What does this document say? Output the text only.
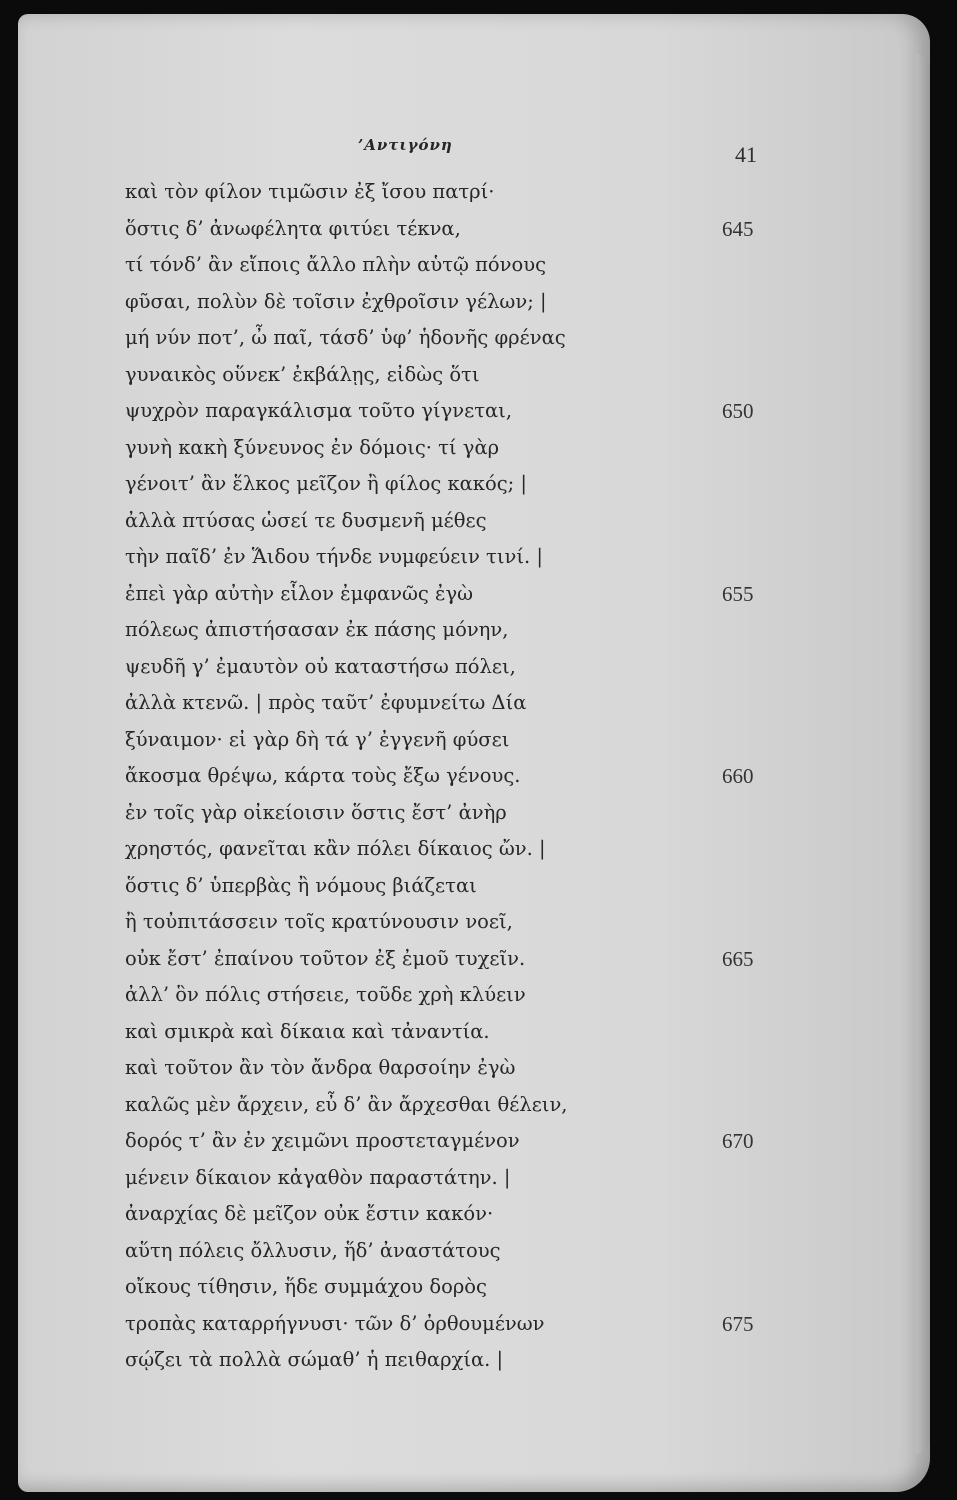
’Αντιγόνη	41
καὶ τὸν φίλον τιμῶσιν ἐξ ἴσου πατρί·
ὅστις δ’ ἀνωφέλητα φιτύει τέκνα,	645
τί τόνδ’ ἂν εἴποις ἄλλο πλὴν αὑτῷ πόνους
φῦσαι, πολὺν δὲ τοῖσιν ἐχθροῖσιν γέλων; |
μή νύν ποτ’, ὦ παῖ, τάσδ’ ὑφ’ ἡδονῆς φρένας
γυναικὸς οὕνεκ’ ἐκβάλῃς, εἰδὼς ὅτι
ψυχρὸν παραγκάλισμα τοῦτο γίγνεται,	650
γυνὴ κακὴ ξύνευνος ἐν δόμοις· τί γὰρ
γένοιτ’ ἂν ἕλκος μεῖζον ἢ φίλος κακός; |
ἀλλὰ πτύσας ὡσεί τε δυσμενῆ μέθες
τὴν παῖδ’ ἐν Ἅιδου τήνδε νυμφεύειν τινί. |
ἐπεὶ γὰρ αὐτὴν εἷλον ἐμφανῶς ἐγὼ	655
πόλεως ἀπιστήσασαν ἐκ πάσης μόνην,
ψευδῆ γ’ ἐμαυτὸν οὐ καταστήσω πόλει,
ἀλλὰ κτενῶ. | πρὸς ταῦτ’ ἐφυμνείτω Δία
ξύναιμον· εἰ γὰρ δὴ τά γ’ ἐγγενῆ φύσει
ἄκοσμα θρέψω, κάρτα τοὺς ἔξω γένους.	660
ἐν τοῖς γὰρ οἰκείοισιν ὅστις ἔστ’ ἀνὴρ
χρηστός, φανεῖται κἂν πόλει δίκαιος ὤν. |
ὅστις δ’ ὑπερβὰς ἢ νόμους βιάζεται
ἢ τοὐπιτάσσειν τοῖς κρατύνουσιν νοεῖ,
οὐκ ἔστ’ ἐπαίνου τοῦτον ἐξ ἐμοῦ τυχεῖν.	665
ἀλλ’ ὃν πόλις στήσειε, τοῦδε χρὴ κλύειν
καὶ σμικρὰ καὶ δίκαια καὶ τἀναντία.
καὶ τοῦτον ἂν τὸν ἄνδρα θαρσοίην ἐγὼ
καλῶς μὲν ἄρχειν, εὖ δ’ ἂν ἄρχεσθαι θέλειν,
δορός τ’ ἂν ἐν χειμῶνι προστεταγμένον	670
μένειν δίκαιον κἀγαθὸν παραστάτην. |
ἀναρχίας δὲ μεῖζον οὐκ ἔστιν κακόν·
αὕτη πόλεις ὄλλυσιν, ἥδ’ ἀναστάτους
οἴκους τίθησιν, ἥδε συμμάχου δορὸς
τροπὰς καταρρήγνυσι· τῶν δ’ ὀρθουμένων	675
σῴζει τὰ πολλὰ σώμαθ’ ἡ πειθαρχία. |
